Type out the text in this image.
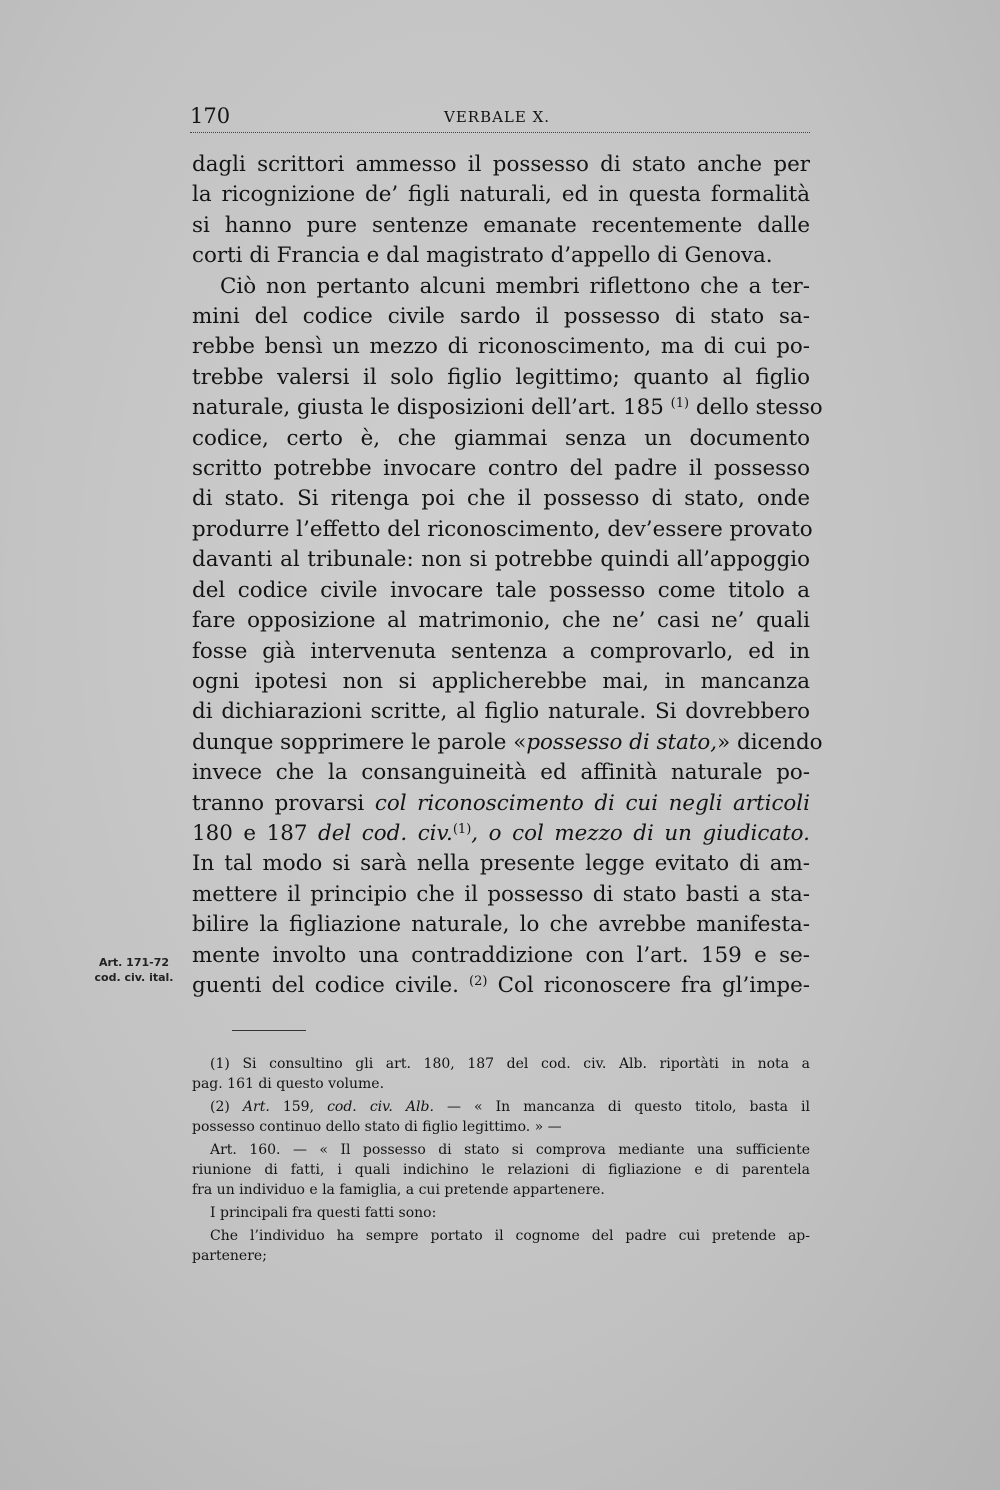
170	VERBALE X.
dagli scrittori ammesso il possesso di stato anche per
la ricognizione de’ figli naturali, ed in questa formalità
si hanno pure sentenze emanate recentemente dalle
corti di Francia e dal magistrato d’appello di Genova.
Ciò non pertanto alcuni membri riflettono che a ter-
mini del codice civile sardo il possesso di stato sa-
rebbe bensì un mezzo di riconoscimento, ma di cui po-
trebbe valersi il solo figlio legittimo; quanto al figlio
naturale, giusta le disposizioni dell’art. 185 $^{(1)}$ dello stesso
codice, certo è, che giammai senza un documento
scritto potrebbe invocare contro del padre il possesso
di stato. Si ritenga poi che il possesso di stato, onde
produrre l’effetto del riconoscimento, dev’essere provato
davanti al tribunale: non si potrebbe quindi all’appoggio
del codice civile invocare tale possesso come titolo a
fare opposizione al matrimonio, che ne’ casi ne’ quali
fosse già intervenuta sentenza a comprovarlo, ed in
ogni ipotesi non si applicherebbe mai, in mancanza
di dichiarazioni scritte, al figlio naturale. Si dovrebbero
dunque sopprimere le parole «possesso di stato,» dicendo
invece che la consanguineità ed affinità naturale po-
tranno provarsi col riconoscimento di cui negli articoli
180 e 187 del cod. civ.$^{(1)}$, o col mezzo di un giudicato.
In tal modo si sarà nella presente legge evitato di am-
mettere il principio che il possesso di stato basti a sta-
bilire la figliazione naturale, lo che avrebbe manifesta-
mente involto una contraddizione con l’art. 159 e se-
guenti del codice civile. $^{(2)}$ Col riconoscere fra gl’impe-
Art. 171-72
cod. civ. ital.
(1) Si consultino gli art. 180, 187 del cod. civ. Alb. riportàti in nota a
pag. 161 di questo volume.
(2) Art. 159, cod. civ. Alb. — « In mancanza di questo titolo, basta il
possesso continuo dello stato di figlio legittimo. » —
Art. 160. — « Il possesso di stato si comprova mediante una sufficiente
riunione di fatti, i quali indichino le relazioni di figliazione e di parentela
fra un individuo e la famiglia, a cui pretende appartenere.
I principali fra questi fatti sono:
Che l’individuo ha sempre portato il cognome del padre cui pretende ap-
partenere;
